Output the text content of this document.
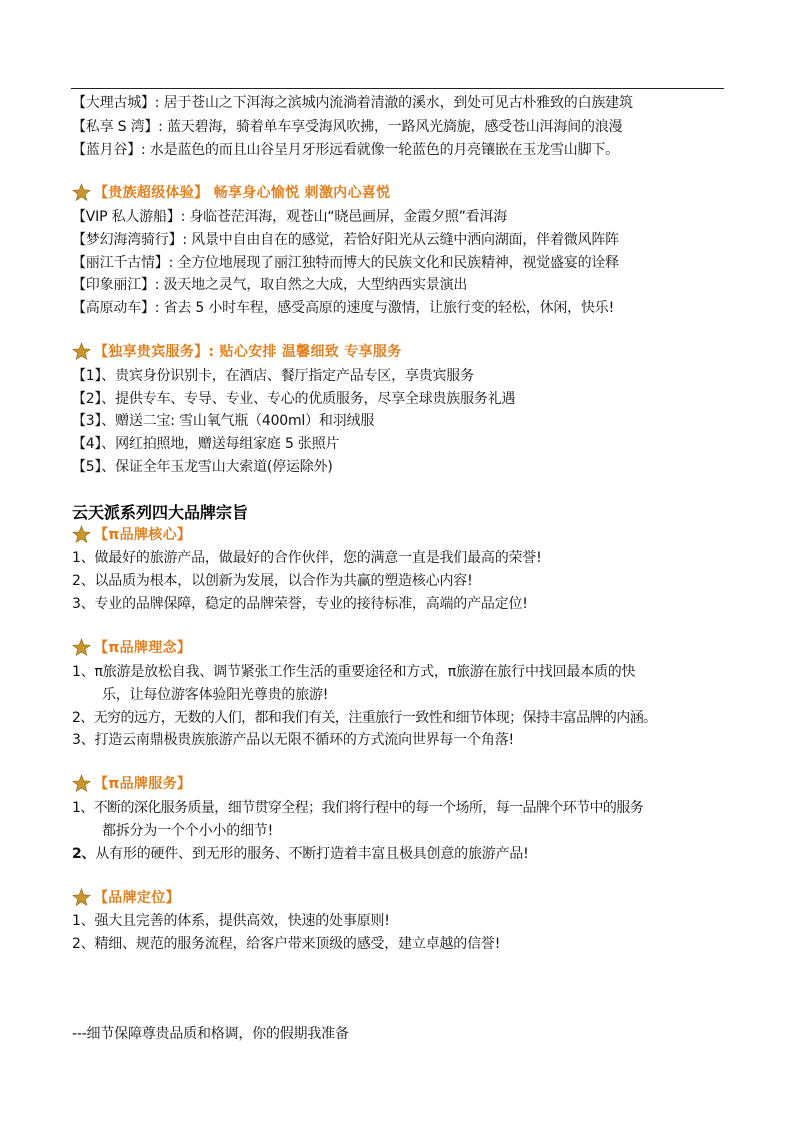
【大理古城】: 居于苍山之下洱海之滨城内流淌着清澈的溪水，到处可见古朴雅致的白族建筑
【私享 S 湾】: 蓝天碧海，骑着单车享受海风吹拂，一路风光旖旎，感受苍山洱海间的浪漫
【蓝月谷】: 水是蓝色的而且山谷呈月牙形远看就像一轮蓝色的月亮镶嵌在玉龙雪山脚下。
【贵族超级体验】 畅享身心愉悦 刺激内心喜悦
【VIP 私人游船】: 身临苍茫洱海，观苍山“晓邑画屏，金霞夕照”看洱海
【梦幻海湾骑行】: 风景中自由自在的感觉，若恰好阳光从云缝中洒向湖面，伴着微风阵阵
【丽江千古情】: 全方位地展现了丽江独特而博大的民族文化和民族精神，视觉盛宴的诠释
【印象丽江】: 汲天地之灵气，取自然之大成，大型纳西实景演出
【高原动车】: 省去 5 小时车程，感受高原的速度与激情，让旅行变的轻松，休闲，快乐!
【独享贵宾服务】: 贴心安排 温馨细致 专享服务
【1】、贵宾身份识别卡，在酒店、餐厅指定产品专区，享贵宾服务
【2】、提供专车、专导、专业、专心的优质服务，尽享全球贵族服务礼遇
【3】、赠送二宝: 雪山氧气瓶（400ml）和羽绒服
【4】、网红拍照地，赠送每组家庭 5 张照片
【5】、保证全年玉龙雪山大索道(停运除外)
云天派系列四大品牌宗旨
【π品牌核心】
1、做最好的旅游产品，做最好的合作伙伴，您的满意一直是我们最高的荣誉!
2、以品质为根本，以创新为发展，以合作为共赢的塑造核心内容!
3、专业的品牌保障，稳定的品牌荣誉，专业的接待标准，高端的产品定位!
【π品牌理念】
1、π旅游是放松自我、调节紧张工作生活的重要途径和方式，π旅游在旅行中找回最本质的快
乐，让每位游客体验阳光尊贵的旅游!
2、无穷的远方，无数的人们，都和我们有关，注重旅行一致性和细节体现；保持丰富品牌的内涵。
3、打造云南鼎极贵族旅游产品以无限不循环的方式流向世界每一个角落!
【π品牌服务】
1、不断的深化服务质量，细节贯穿全程；我们将行程中的每一个场所，每一品牌个环节中的服务
都拆分为一个个小小的细节!
2、从有形的硬件、到无形的服务、不断打造着丰富且极具创意的旅游产品!
【品牌定位】
1、强大且完善的体系，提供高效，快速的处事原则!
2、精细、规范的服务流程，给客户带来顶级的感受，建立卓越的信誉!
---细节保障尊贵品质和格调，你的假期我准备
